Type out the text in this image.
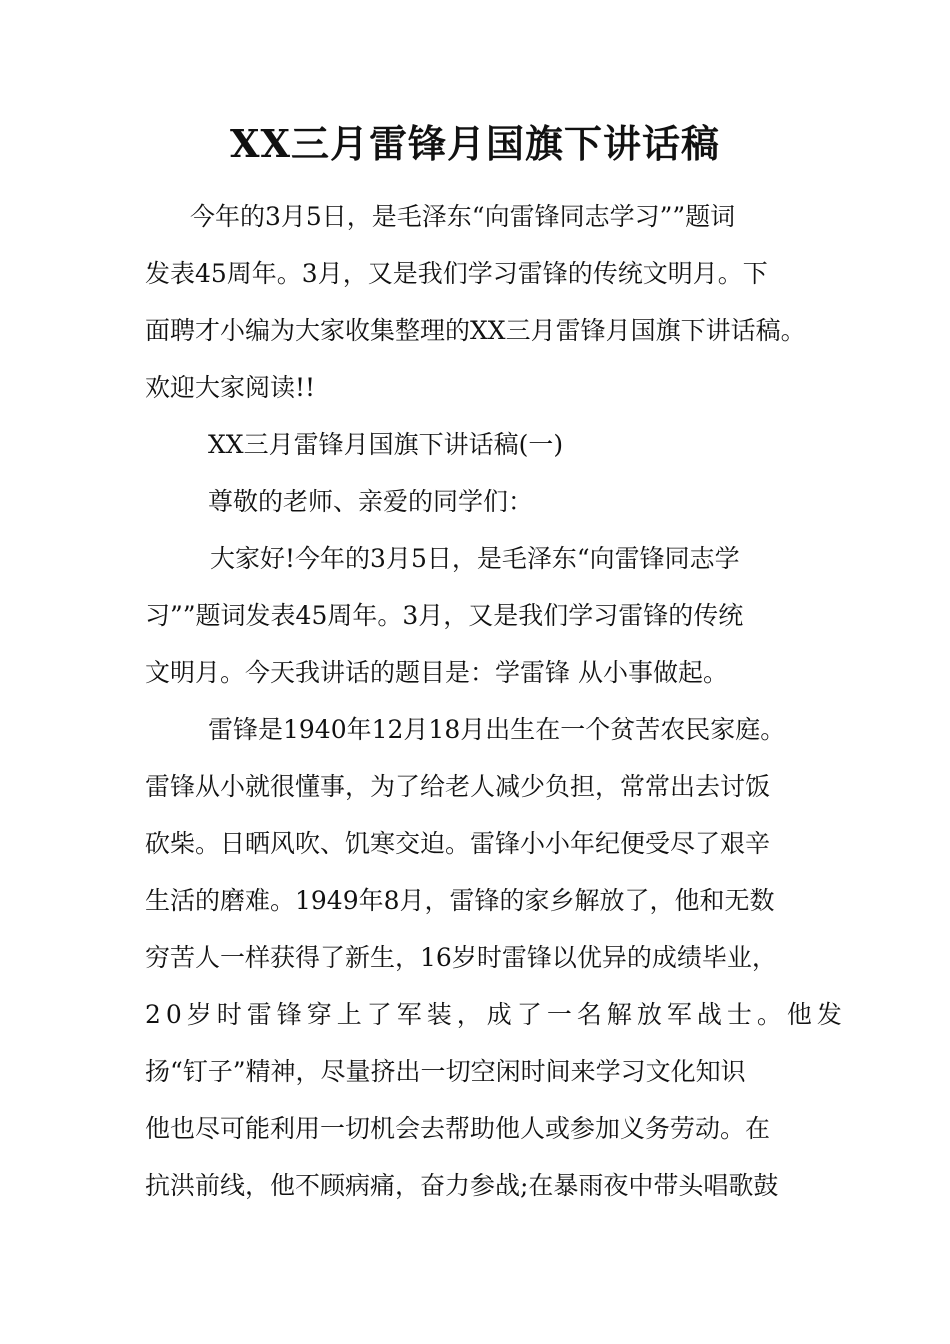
XX三月雷锋月国旗下讲话稿
今年的3月5日，是毛泽东“向雷锋同志学习””题词
发表45周年。3月，又是我们学习雷锋的传统文明月。下
面聘才小编为大家收集整理的XX三月雷锋月国旗下讲话稿。
欢迎大家阅读!!
XX三月雷锋月国旗下讲话稿(一)
尊敬的老师、亲爱的同学们：
大家好!今年的3月5日，是毛泽东“向雷锋同志学
习””题词发表45周年。3月，又是我们学习雷锋的传统
文明月。今天我讲话的题目是：学雷锋 从小事做起。
雷锋是1940年12月18月出生在一个贫苦农民家庭。
雷锋从小就很懂事，为了给老人减少负担，常常出去讨饭
砍柴。日晒风吹、饥寒交迫。雷锋小小年纪便受尽了艰辛
生活的磨难。1949年8月，雷锋的家乡解放了，他和无数
穷苦人一样获得了新生，16岁时雷锋以优异的成绩毕业，
20岁时雷锋穿上了军装，成了一名解放军战士。他发
扬“钉子”精神，尽量挤出一切空闲时间来学习文化知识
他也尽可能利用一切机会去帮助他人或参加义务劳动。在
抗洪前线，他不顾病痛，奋力参战;在暴雨夜中带头唱歌鼓
